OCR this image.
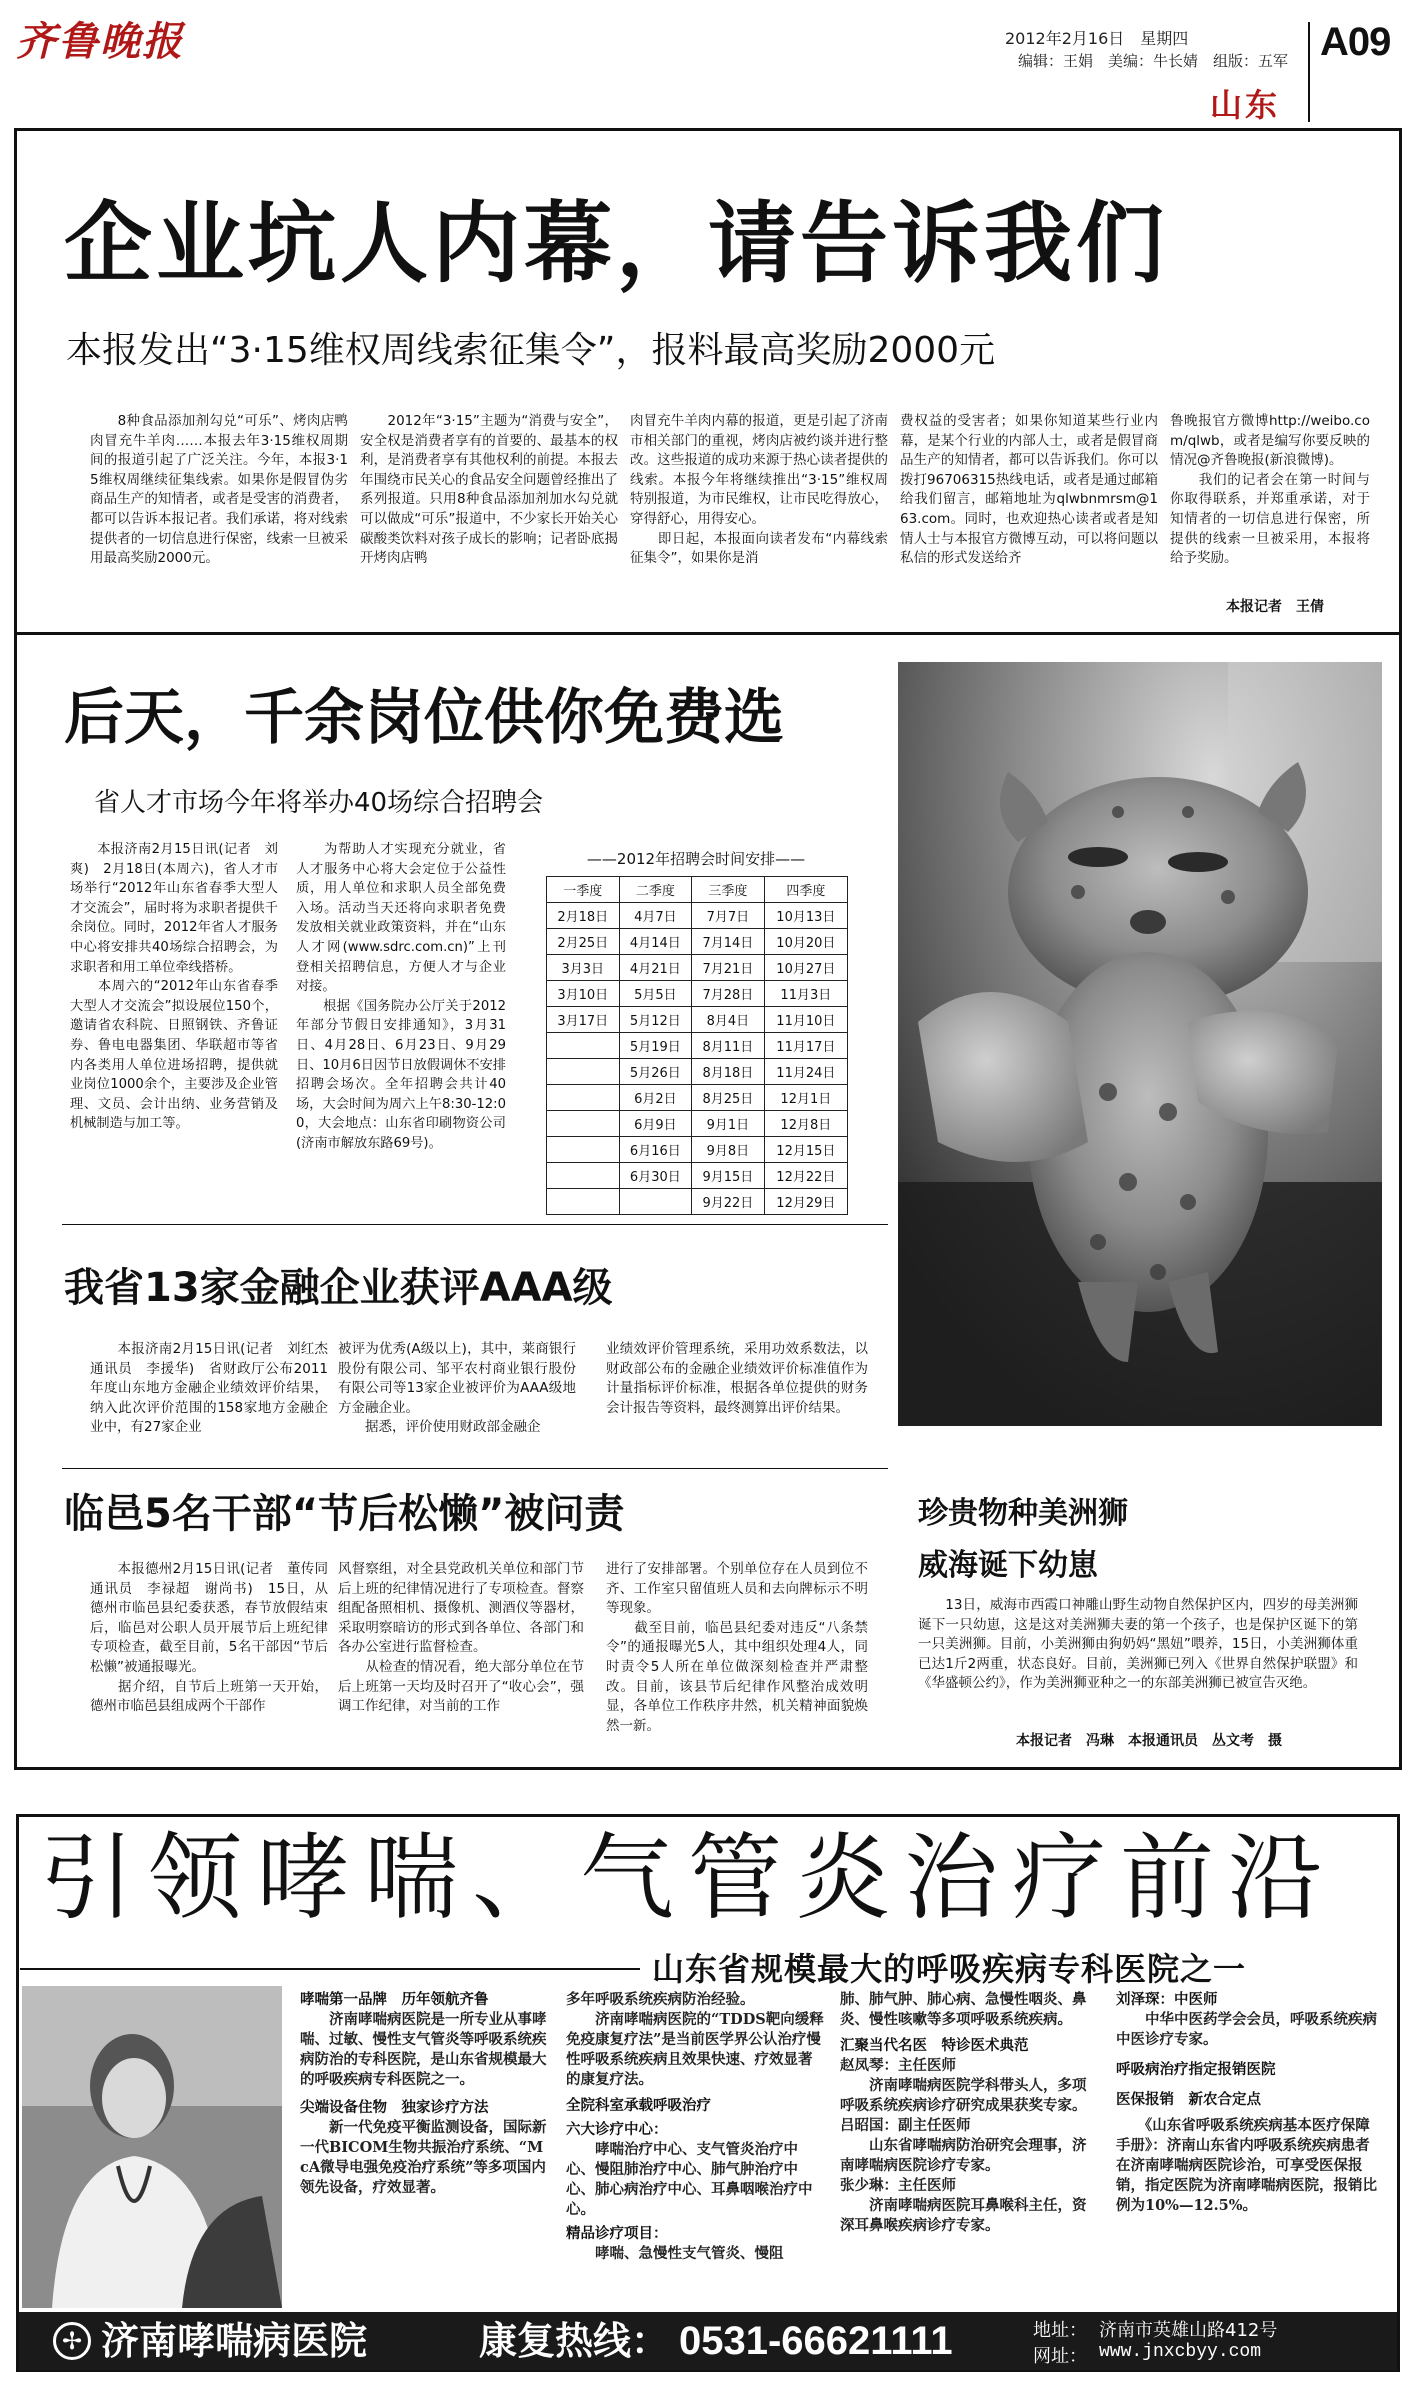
齐鲁晚报	2012年2月16日　星期四
编辑：王娟　美编：牛长婧　组版：五军 A09
山东
企业坑人内幕，请告诉我们
本报发出“3·15维权周线索征集令”，报料最高奖励2000元
　　8种食品添加剂勾兑“可乐”、烤肉店鸭肉冒充牛羊肉……本报去年3·15维权周期间的报道引起了广泛关注。今年，本报3·15维权周继续征集线索。如果你是假冒伪劣商品生产的知情者，或者是受害的消费者，都可以告诉本报记者。我们承诺，将对线索提供者的一切信息进行保密，线索一旦被采用最高奖励2000元。
　　2012年“3·15”主题为“消费与安全”，安全权是消费者享有的首要的、最基本的权利，是消费者享有其他权利的前提。本报去年围绕市民关心的食品安全问题曾经推出了系列报道。只用8种食品添加剂加水勾兑就可以做成“可乐”报道中，不少家长开始关心碳酸类饮料对孩子成长的影响；记者卧底揭开烤肉店鸭
肉冒充牛羊肉内幕的报道，更是引起了济南市相关部门的重视，烤肉店被约谈并进行整改。这些报道的成功来源于热心读者提供的线索。本报今年将继续推出“3·15”维权周特别报道，为市民维权，让市民吃得放心，穿得舒心，用得安心。
　　即日起，本报面向读者发布“内幕线索征集令”，如果你是消
费权益的受害者；如果你知道某些行业内幕，是某个行业的内部人士，或者是假冒商品生产的知情者，都可以告诉我们。你可以拨打96706315热线电话，或者是通过邮箱给我们留言，邮箱地址为qlwbnmrsm@163.com。同时，也欢迎热心读者或者是知情人士与本报官方微博互动，可以将问题以私信的形式发送给齐
鲁晚报官方微博http://weibo.com/qlwb，或者是编写你要反映的情况@齐鲁晚报(新浪微博)。
　　我们的记者会在第一时间与你取得联系，并郑重承诺，对于知情者的一切信息进行保密，所提供的线索一旦被采用，本报将给予奖励。
本报记者　王倩
后天，千余岗位供你免费选
省人才市场今年将举办40场综合招聘会
　　本报济南2月15日讯(记者　刘爽)　2月18日(本周六)，省人才市场举行“2012年山东省春季大型人才交流会”，届时将为求职者提供千余岗位。同时，2012年省人才服务中心将安排共40场综合招聘会，为求职者和用工单位牵线搭桥。
　　本周六的“2012年山东省春季大型人才交流会”拟设展位150个，邀请省农科院、日照钢铁、齐鲁证券、鲁电电器集团、华联超市等省内各类用人单位进场招聘，提供就业岗位1000余个，主要涉及企业管理、文员、会计出纳、业务营销及机械制造与加工等。
　　为帮助人才实现充分就业，省人才服务中心将大会定位于公益性质，用人单位和求职人员全部免费入场。活动当天还将向求职者免费发放相关就业政策资料，并在“山东人才网(www.sdrc.com.cn)”上刊登相关招聘信息，方便人才与企业对接。
　　根据《国务院办公厅关于2012年部分节假日安排通知》，3月31日、4月28日、6月23日、9月29日、10月6日因节日放假调休不安排招聘会场次。全年招聘会共计40场，大会时间为周六上午8:30-12:00，大会地点：山东省印刷物资公司(济南市解放东路69号)。
——2012年招聘会时间安排——
一季度	二季度	三季度	四季度
2月18日	4月7日	7月7日	10月13日
2月25日	4月14日	7月14日	10月20日
3月3日	4月21日	7月21日	10月27日
3月10日	5月5日	7月28日	11月3日
3月17日	5月12日	8月4日	11月10日
	5月19日	8月11日	11月17日
	5月26日	8月18日	11月24日
	6月2日	8月25日	12月1日
	6月9日	9月1日	12月8日
	6月16日	9月8日	12月15日
	6月30日	9月15日	12月22日
		9月22日	12月29日
我省13家金融企业获评AAA级
　　本报济南2月15日讯(记者　刘红杰　通讯员　李援华)　省财政厅公布2011年度山东地方金融企业绩效评价结果，纳入此次评价范围的158家地方金融企业中，有27家企业
被评为优秀(A级以上)，其中，莱商银行股份有限公司、邹平农村商业银行股份有限公司等13家企业被评价为AAA级地方金融企业。
　　据悉，评价使用财政部金融企
业绩效评价管理系统，采用功效系数法，以财政部公布的金融企业绩效评价标准值作为计量指标评价标准，根据各单位提供的财务会计报告等资料，最终测算出评价结果。
临邑5名干部“节后松懒”被问责
　　本报德州2月15日讯(记者　董传同　通讯员　李禄超　谢尚书)　15日，从德州市临邑县纪委获悉，春节放假结束后，临邑对公职人员开展节后上班纪律专项检查，截至目前，5名干部因“节后松懒”被通报曝光。
　　据介绍，自节后上班第一天开始，德州市临邑县组成两个干部作
风督察组，对全县党政机关单位和部门节后上班的纪律情况进行了专项检查。督察组配备照相机、摄像机、测酒仪等器材，采取明察暗访的形式到各单位、各部门和各办公室进行监督检查。
　　从检查的情况看，绝大部分单位在节后上班第一天均及时召开了“收心会”，强调工作纪律，对当前的工作
进行了安排部署。个别单位存在人员到位不齐、工作室只留值班人员和去向牌标示不明等现象。
　　截至目前，临邑县纪委对违反“八条禁令”的通报曝光5人，其中组织处理4人，同时责令5人所在单位做深刻检查并严肃整改。目前，该县节后纪律作风整治成效明显，各单位工作秩序井然，机关精神面貌焕然一新。
珍贵物种美洲狮
威海诞下幼崽
　　13日，威海市西霞口神雕山野生动物自然保护区内，四岁的母美洲狮诞下一只幼崽，这是这对美洲狮夫妻的第一个孩子，也是保护区诞下的第一只美洲狮。目前，小美洲狮由狗奶妈“黑妞”喂养，15日，小美洲狮体重已达1斤2两重，状态良好。目前，美洲狮已列入《世界自然保护联盟》和《华盛顿公约》，作为美洲狮亚种之一的东部美洲狮已被宣告灭绝。
本报记者　冯琳　本报通讯员　丛文考　摄
引领哮喘、气管炎治疗前沿
山东省规模最大的呼吸疾病专科医院之一
哮喘第一品牌　历年领航齐鲁
　　济南哮喘病医院是一所专业从事哮喘、过敏、慢性支气管炎等呼吸系统疾病防治的专科医院，是山东省规模最大的呼吸疾病专科医院之一。
尖端设备住物　独家诊疗方法
　　新一代免疫平衡监测设备，国际新一代BICOM生物共振治疗系统、“McA微导电强免疫治疗系统”等多项国内领先设备，疗效显著。
多年呼吸系统疾病防治经验。
　　济南哮喘病医院的“TDDS靶向缓释免疫康复疗法”是当前医学界公认治疗慢性呼吸系统疾病且效果快速、疗效显著的康复疗法。
全院科室承载呼吸治疗
六大诊疗中心：
　　哮喘治疗中心、支气管炎治疗中心、慢阻肺治疗中心、肺气肿治疗中心、肺心病治疗中心、耳鼻咽喉治疗中心。
精品诊疗项目：
　　哮喘、急慢性支气管炎、慢阻
肺、肺气肿、肺心病、急慢性咽炎、鼻炎、慢性咳嗽等多项呼吸系统疾病。
汇聚当代名医　特诊医术典范
赵凤琴：主任医师
　　济南哮喘病医院学科带头人，多项呼吸系统疾病诊疗研究成果获奖专家。
吕昭国：副主任医师
　　山东省哮喘病防治研究会理事，济南哮喘病医院诊疗专家。
张少琳：主任医师
　　济南哮喘病医院耳鼻喉科主任，资深耳鼻喉疾病诊疗专家。
刘泽琛：中医师
　　中华中医药学会会员，呼吸系统疾病中医诊疗专家。
呼吸病治疗指定报销医院
医保报销　新农合定点
　　《山东省呼吸系统疾病基本医疗保障手册》：济南山东省内呼吸系统疾病患者在济南哮喘病医院诊治，可享受医保报销，指定医院为济南哮喘病医院，报销比例为10%—12.5%。
✢ 济南哮喘病医院	康复热线： 0531-66621111	地址： 济南市英雄山路412号
网址： www.jnxcbyy.com
